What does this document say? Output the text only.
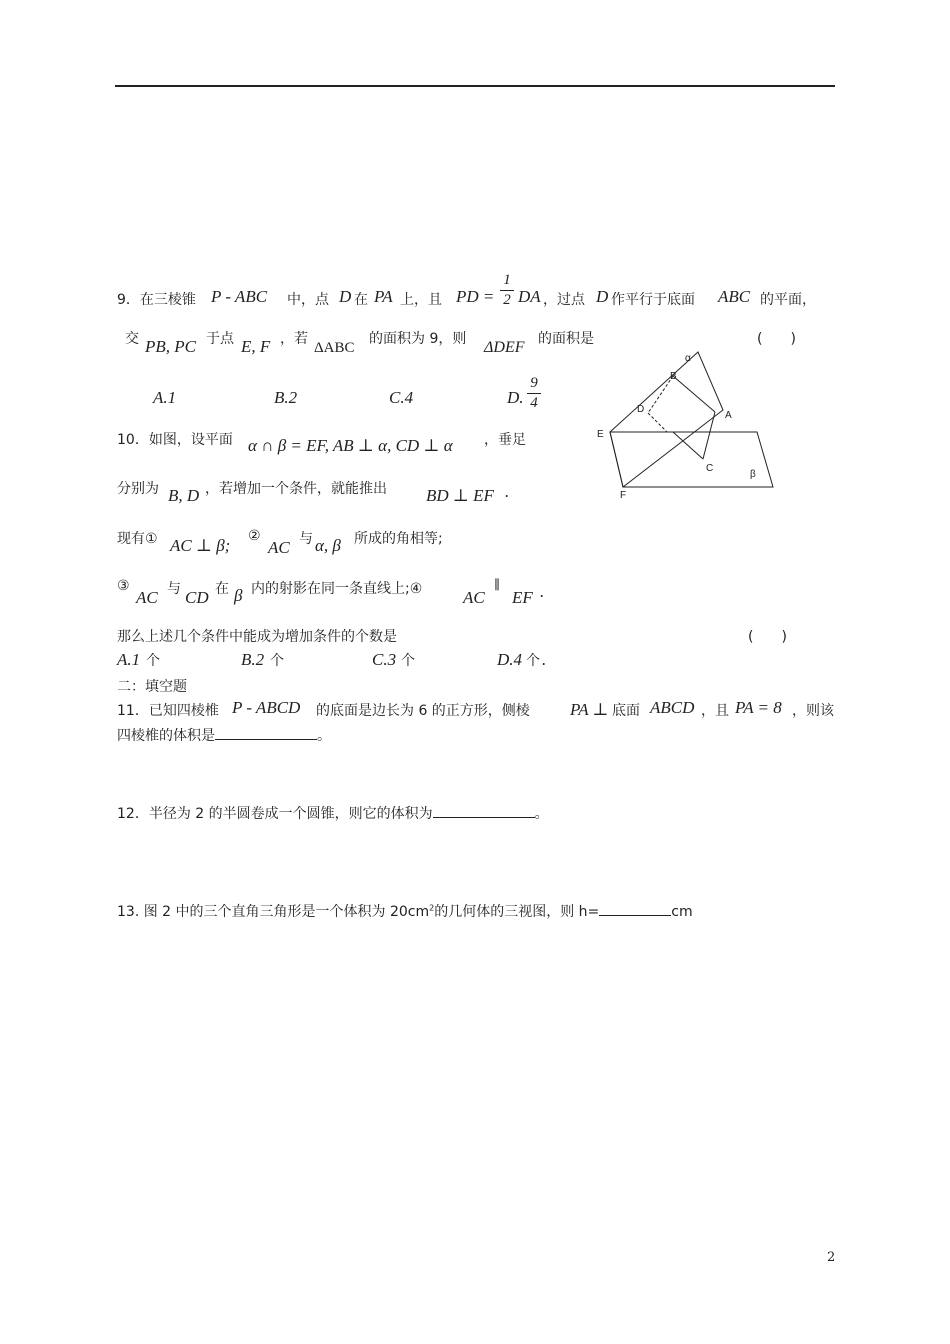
9．在三棱锥 P - ABC 中，点 D 在 PA 上，且 PD =
1
2 DA ，过点 D 作平行于底面 ABC 的平面，
交 PB, PC 于点 E, F ，若
ΔABC
的面积为 9，则 ΔDEF 的面积是	(　　)
A.1	B.2	C.4	D.
9
4
α
B
D
A
E
C
β
F
10．如图，设平面 α ∩ β = EF, AB ⊥ α, CD ⊥ α ，垂足
分别为 B, D ，若增加一个条件，就能推出 BD ⊥ EF .
现有① AC ⊥ β; ②
AC 与 α, β 所成的角相等;
③
AC 与 CD 在 β 内的射影在同一条直线上;④ AC
∥
EF .
那么上述几个条件中能成为增加条件的个数是	(　　)
A.1 个	B.2 个	C.3 个	D.4 个 .
二：填空题
11．已知四棱椎 P - ABCD 的底面是边长为 6 的正方形，侧棱 PA ⊥ 底面 ABCD ，且 PA = 8 ，则该
四棱椎的体积是	。
12．半径为 2 的半圆卷成一个圆锥，则它的体积为	。
13. 图 2 中的三个直角三角形是一个体积为 $20cm^2$的几何体的三视图，则 h=	cm
2
